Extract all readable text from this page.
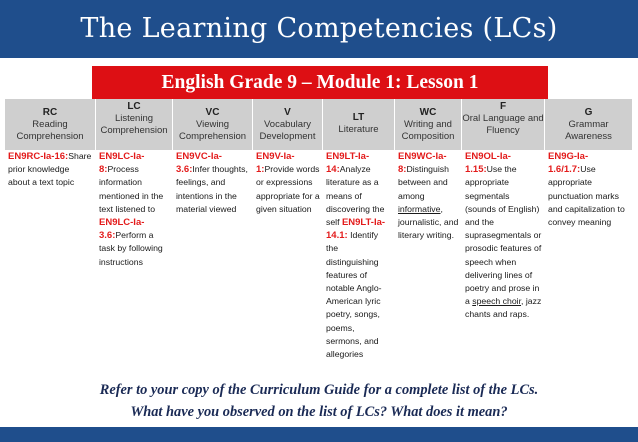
The Learning Competencies (LCs)
English Grade 9 – Module 1: Lesson 1
RC
Reading Comprehension
EN9RC-Ia-16:Share prior knowledge about a text topic
LC
Listening Comprehension
EN9LC-Ia-8:Process information mentioned in the text listened to EN9LC-Ia-3.6:Perform a task by following instructions
VC
Viewing Comprehension
EN9VC-Ia-3.6:Infer thoughts, feelings, and intentions in the material viewed
V
Vocabulary Development
EN9V-Ia-1:Provide words or expressions appropriate for a given situation
LT
Literature
EN9LT-Ia-14:Analyze literature as a means of discovering the self EN9LT-Ia-14.1: Identify the distinguishing features of notable Anglo-American lyric poetry, songs, poems, sermons, and allegories
WC
Writing and Composition
EN9WC-Ia-8:Distinguish between and among informative, journalistic, and literary writing.
F
Oral Language and Fluency
EN9OL-Ia-1.15:Use the appropriate segmentals (sounds of English) and the suprasegmentals or prosodic features of speech when delivering lines of poetry and prose in a speech choir, jazz chants and raps.
G
Grammar Awareness
EN9G-Ia-1.6/1.7:Use appropriate punctuation marks and capitalization to convey meaning
Refer to your copy of the Curriculum Guide for a complete list of the LCs.
What have you observed on the list of LCs? What does it mean?
